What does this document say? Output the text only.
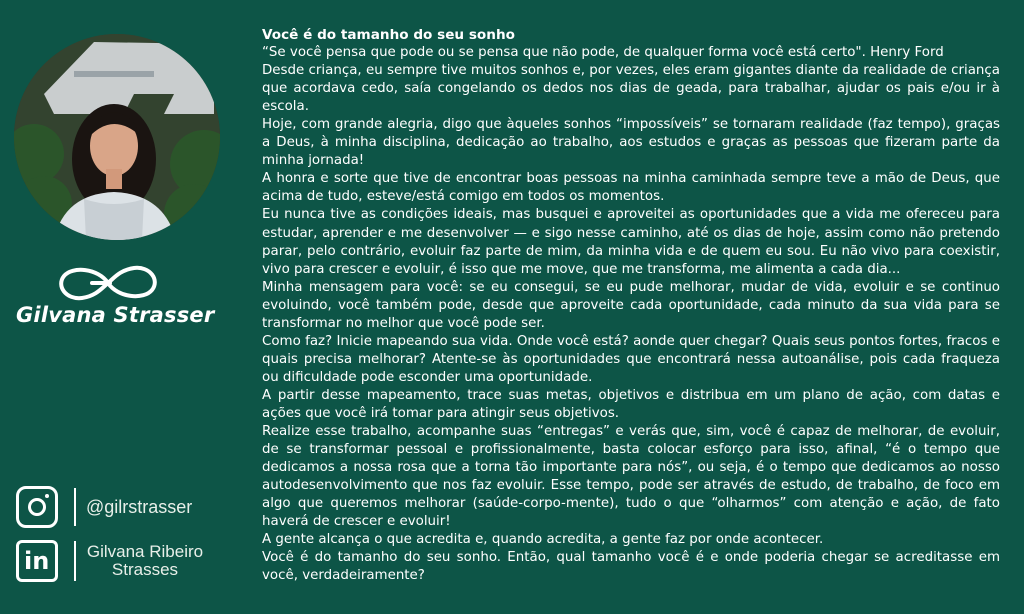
Gilvana Strasser
@gilrstrasser
in Gilvana Ribeiro Strasses
Você é do tamanho do seu sonho

“Se você pensa que pode ou se pensa que não pode, de qualquer forma você está certo". Henry Ford

Desde criança, eu sempre tive muitos sonhos e, por vezes, eles eram gigantes diante da realidade de criança que acordava cedo, saía congelando os dedos nos dias de geada, para trabalhar, ajudar os pais e/ou ir à escola.

Hoje, com grande alegria, digo que àqueles sonhos “impossíveis” se tornaram realidade (faz tempo), graças a Deus, à minha disciplina, dedicação ao trabalho, aos estudos e graças as pessoas que fizeram parte da minha jornada!

A honra e sorte que tive de encontrar boas pessoas na minha caminhada sempre teve a mão de Deus, que acima de tudo, esteve/está comigo em todos os momentos.

Eu nunca tive as condições ideais, mas busquei e aproveitei as oportunidades que a vida me ofereceu para estudar, aprender e me desenvolver — e sigo nesse caminho, até os dias de hoje, assim como não pretendo parar, pelo contrário, evoluir faz parte de mim, da minha vida e de quem eu sou. Eu não vivo para coexistir, vivo para crescer e evoluir, é isso que me move, que me transforma, me alimenta a cada dia...

Minha mensagem para você: se eu consegui, se eu pude melhorar, mudar de vida, evoluir e se continuo evoluindo, você também pode, desde que aproveite cada oportunidade, cada minuto da sua vida para se transformar no melhor que você pode ser.

Como faz? Inicie mapeando sua vida. Onde você está? aonde quer chegar? Quais seus pontos fortes, fracos e quais precisa melhorar? Atente-se às oportunidades que encontrará nessa autoanálise, pois cada fraqueza ou dificuldade pode esconder uma oportunidade.

A partir desse mapeamento, trace suas metas, objetivos e distribua em um plano de ação, com datas e ações que você irá tomar para atingir seus objetivos.

Realize esse trabalho, acompanhe suas “entregas” e verás que, sim, você é capaz de melhorar, de evoluir, de se transformar pessoal e profissionalmente, basta colocar esforço para isso, afinal, “é o tempo que dedicamos a nossa rosa que a torna tão importante para nós”, ou seja, é o tempo que dedicamos ao nosso autodesenvolvimento que nos faz evoluir. Esse tempo, pode ser através de estudo, de trabalho, de foco em algo que queremos melhorar (saúde-corpo-mente), tudo o que “olharmos” com atenção e ação, de fato haverá de crescer e evoluir!

A gente alcança o que acredita e, quando acredita, a gente faz por onde acontecer.

Você é do tamanho do seu sonho. Então, qual tamanho você é e onde poderia chegar se acreditasse em você, verdadeiramente?
